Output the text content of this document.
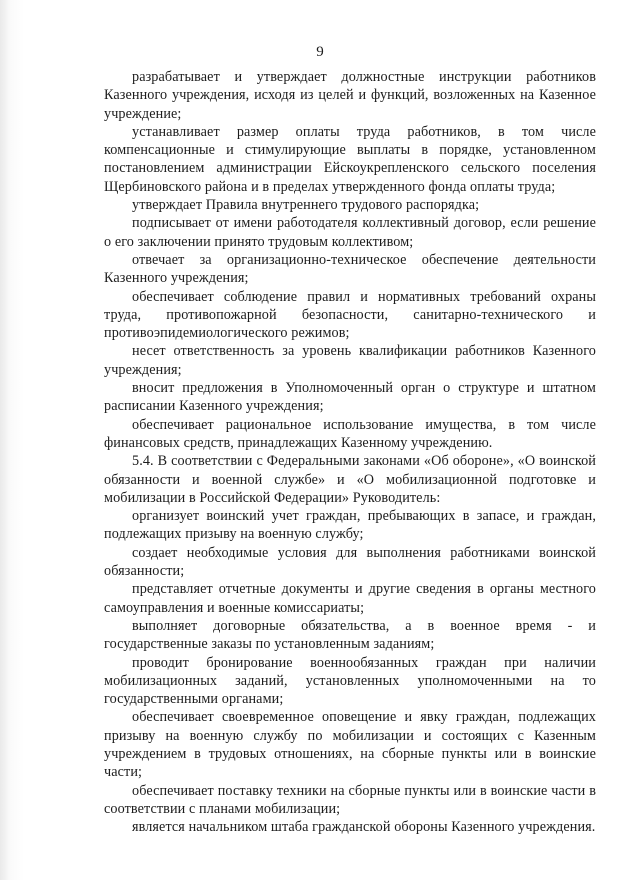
9

разрабатывает и утверждает должностные инструкции работников Казенного учреждения, исходя из целей и функций, возложенных на Казенное учреждение;

устанавливает размер оплаты труда работников, в том числе компенсационные и стимулирующие выплаты в порядке, установленном постановлением администрации Ейскоукрепленского сельского поселения Щербиновского района и в пределах утвержденного фонда оплаты труда;

утверждает Правила внутреннего трудового распорядка;

подписывает от имени работодателя коллективный договор, если решение о его заключении принято трудовым коллективом;

отвечает за организационно-техническое обеспечение деятельности Казенного учреждения;

обеспечивает соблюдение правил и нормативных требований охраны труда, противопожарной безопасности, санитарно-технического и противоэпидемиологического режимов;

несет ответственность за уровень квалификации работников Казенного учреждения;

вносит предложения в Уполномоченный орган о структуре и штатном расписании Казенного учреждения;

обеспечивает рациональное использование имущества, в том числе финансовых средств, принадлежащих Казенному учреждению.

5.4. В соответствии с Федеральными законами «Об обороне», «О воинской обязанности и военной службе» и «О мобилизационной подготовке и мобилизации в Российской Федерации» Руководитель:

организует воинский учет граждан, пребывающих в запасе, и граждан, подлежащих призыву на военную службу;

создает необходимые условия для выполнения работниками воинской обязанности;

представляет отчетные документы и другие сведения в органы местного самоуправления и военные комиссариаты;

выполняет договорные обязательства, а в военное время - и государственные заказы по установленным заданиям;

проводит бронирование военнообязанных граждан при наличии мобилизационных заданий, установленных уполномоченными на то государственными органами;

обеспечивает своевременное оповещение и явку граждан, подлежащих призыву на военную службу по мобилизации и состоящих с Казенным учреждением в трудовых отношениях, на сборные пункты или в воинские части;

обеспечивает поставку техники на сборные пункты или в воинские части в соответствии с планами мобилизации;

является начальником штаба гражданской обороны Казенного учреждения.
